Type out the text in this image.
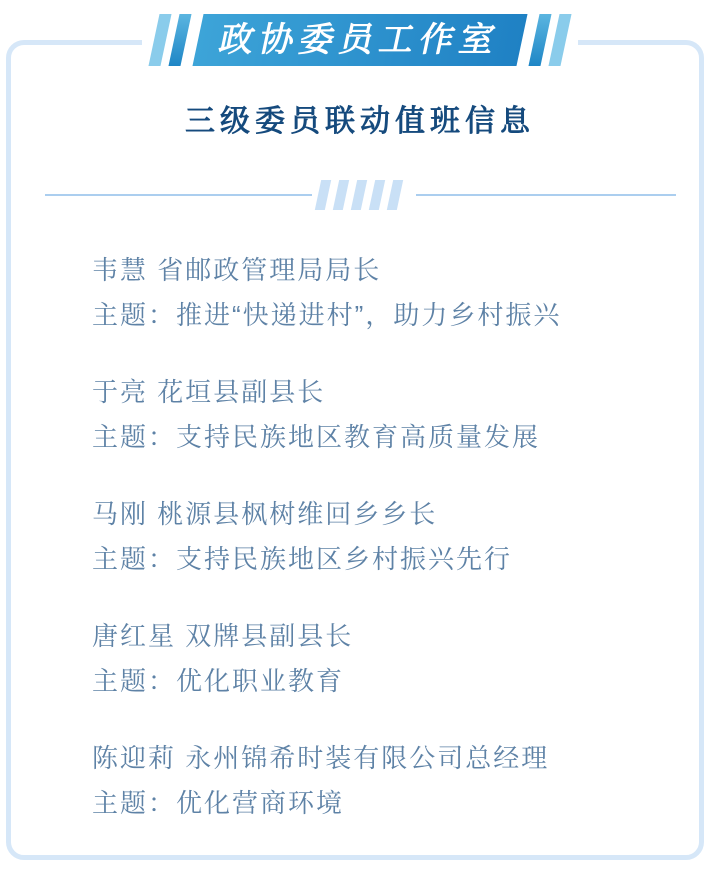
政协委员工作室
三级委员联动值班信息
韦慧 省邮政管理局局长
主题：推进“快递进村”，助力乡村振兴
于亮 花垣县副县长
主题：支持民族地区教育高质量发展
马刚 桃源县枫树维回乡乡长
主题：支持民族地区乡村振兴先行
唐红星 双牌县副县长
主题：优化职业教育
陈迎莉 永州锦希时装有限公司总经理
主题：优化营商环境
